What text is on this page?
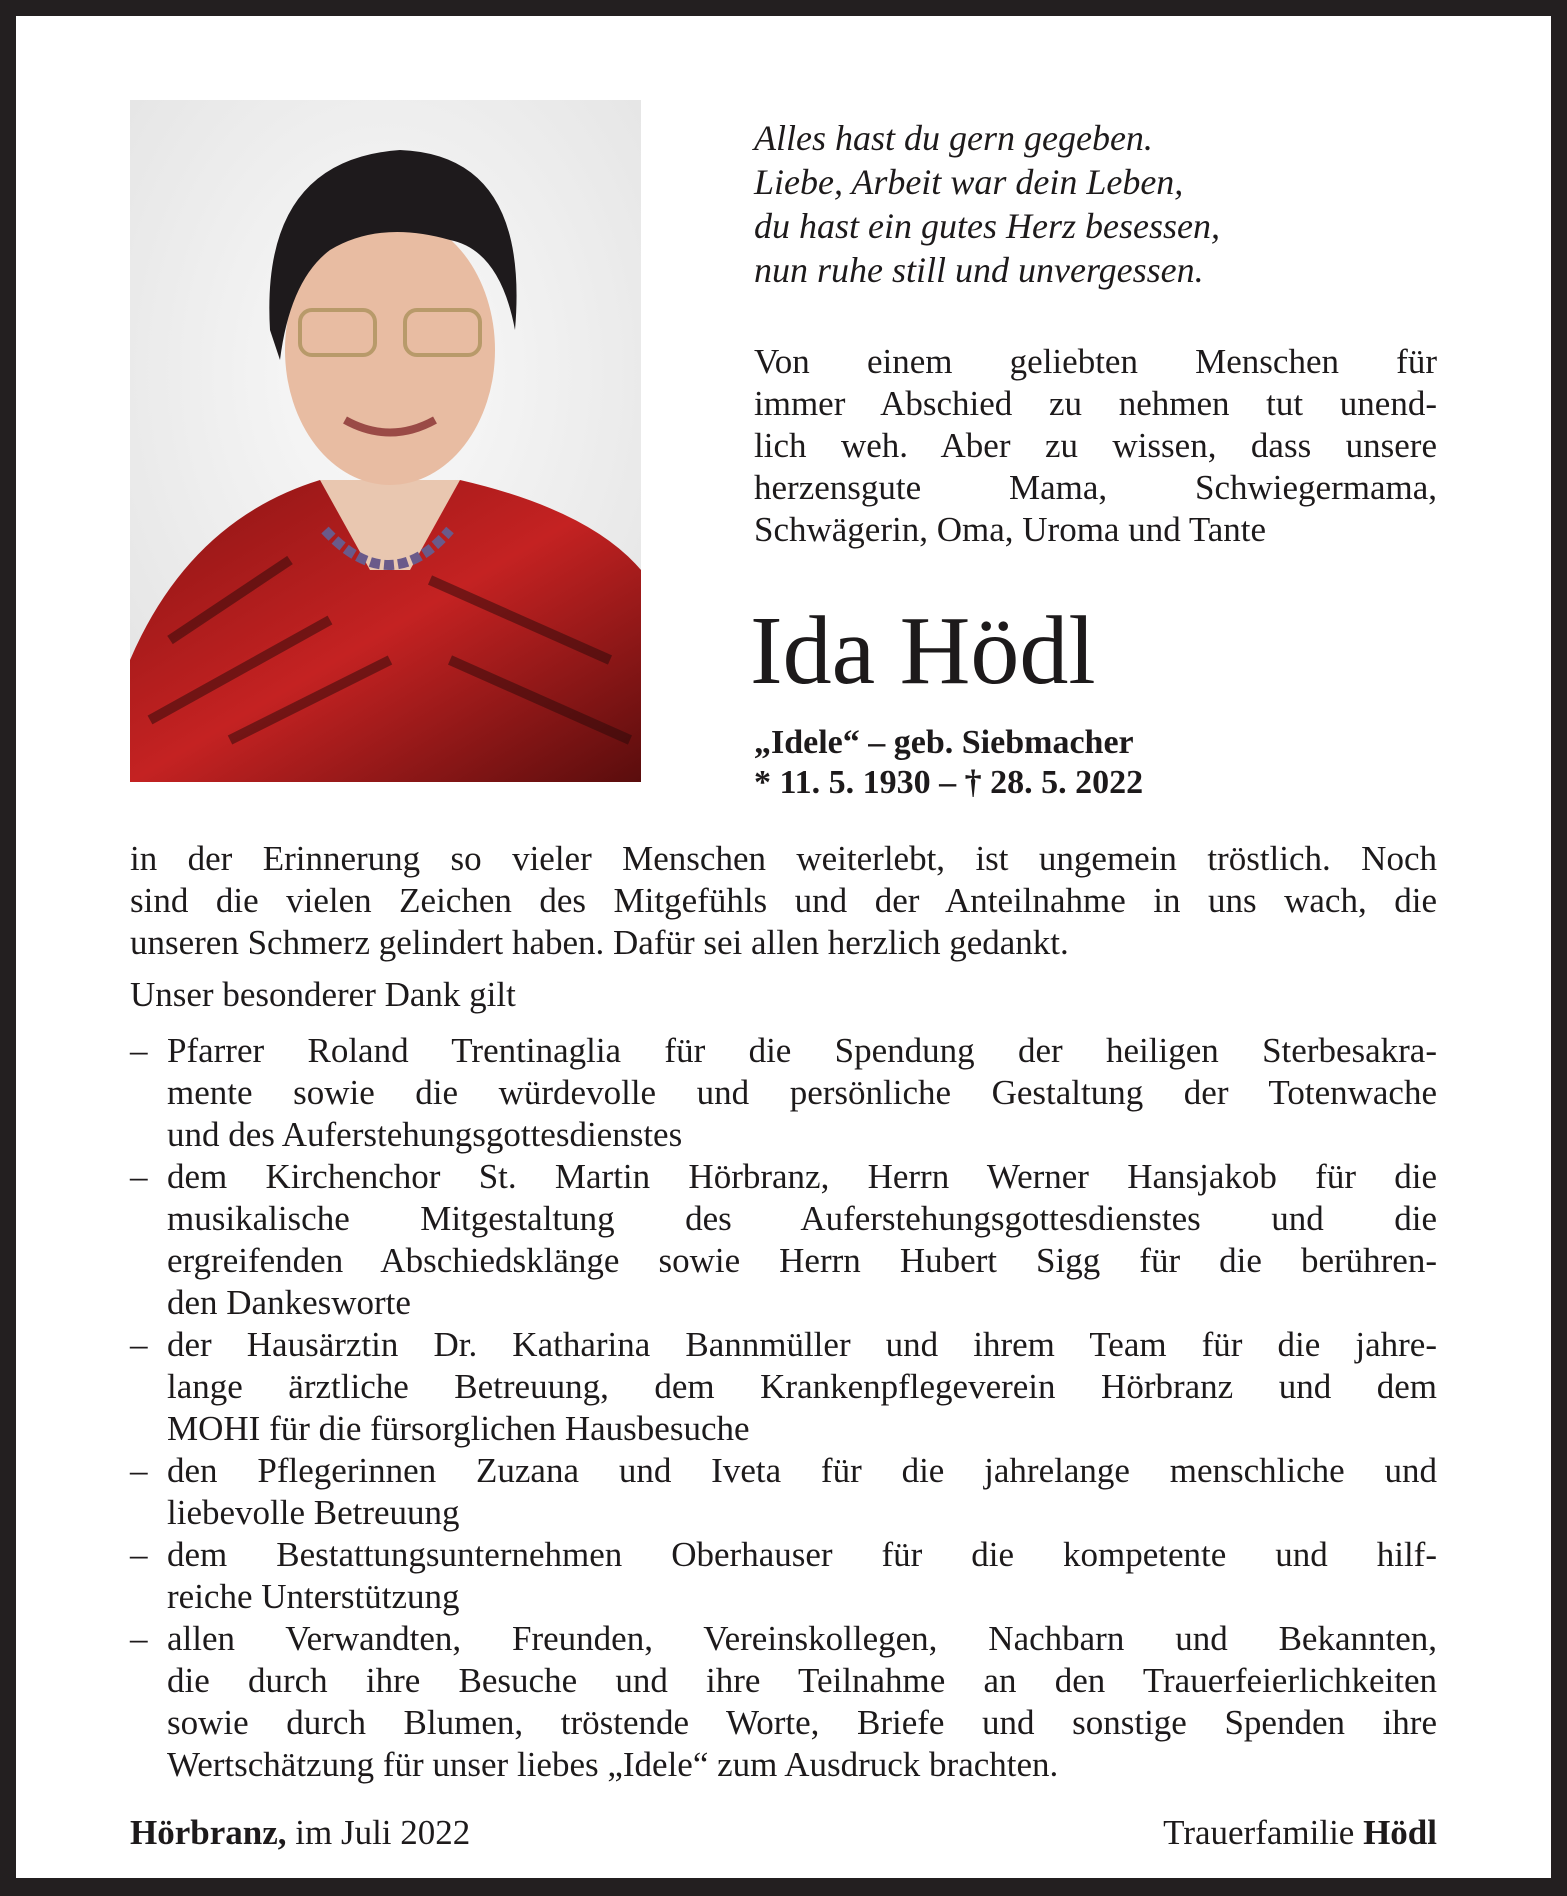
Alles hast du gern gegeben.
Liebe, Arbeit war dein Leben,
du hast ein gutes Herz besessen,
nun ruhe still und unvergessen.
Von einem geliebten Menschen für
immer Abschied zu nehmen tut unend-
lich weh. Aber zu wissen, dass unsere
herzensgute Mama, Schwiegermama,
Schwägerin, Oma, Uroma und Tante
Ida Hödl
„Idele“ – geb. Siebmacher
* 11. 5. 1930 – † 28. 5. 2022
in der Erinnerung so vieler Menschen weiterlebt, ist ungemein tröstlich. Noch
sind die vielen Zeichen des Mitgefühls und der Anteilnahme in uns wach, die
unseren Schmerz gelindert haben. Dafür sei allen herzlich gedankt.
Unser besonderer Dank gilt
– Pfarrer Roland Trentinaglia für die Spendung der heiligen Sterbesakra-
mente sowie die würdevolle und persönliche Gestaltung der Totenwache
und des Auferstehungsgottesdienstes
– dem Kirchenchor St. Martin Hörbranz, Herrn Werner Hansjakob für die
musikalische Mitgestaltung des Auferstehungsgottesdienstes und die
ergreifenden Abschiedsklänge sowie Herrn Hubert Sigg für die berühren-
den Dankesworte
– der Hausärztin Dr. Katharina Bannmüller und ihrem Team für die jahre-
lange ärztliche Betreuung, dem Krankenpflegeverein Hörbranz und dem
MOHI für die fürsorglichen Hausbesuche
– den Pflegerinnen Zuzana und Iveta für die jahrelange menschliche und
liebevolle Betreuung
– dem Bestattungsunternehmen Oberhauser für die kompetente und hilf-
reiche Unterstützung
– allen Verwandten, Freunden, Vereinskollegen, Nachbarn und Bekannten,
die durch ihre Besuche und ihre Teilnahme an den Trauerfeierlichkeiten
sowie durch Blumen, tröstende Worte, Briefe und sonstige Spenden ihre
Wertschätzung für unser liebes „Idele“ zum Ausdruck brachten.
Hörbranz, im Juli 2022	Trauerfamilie Hödl
